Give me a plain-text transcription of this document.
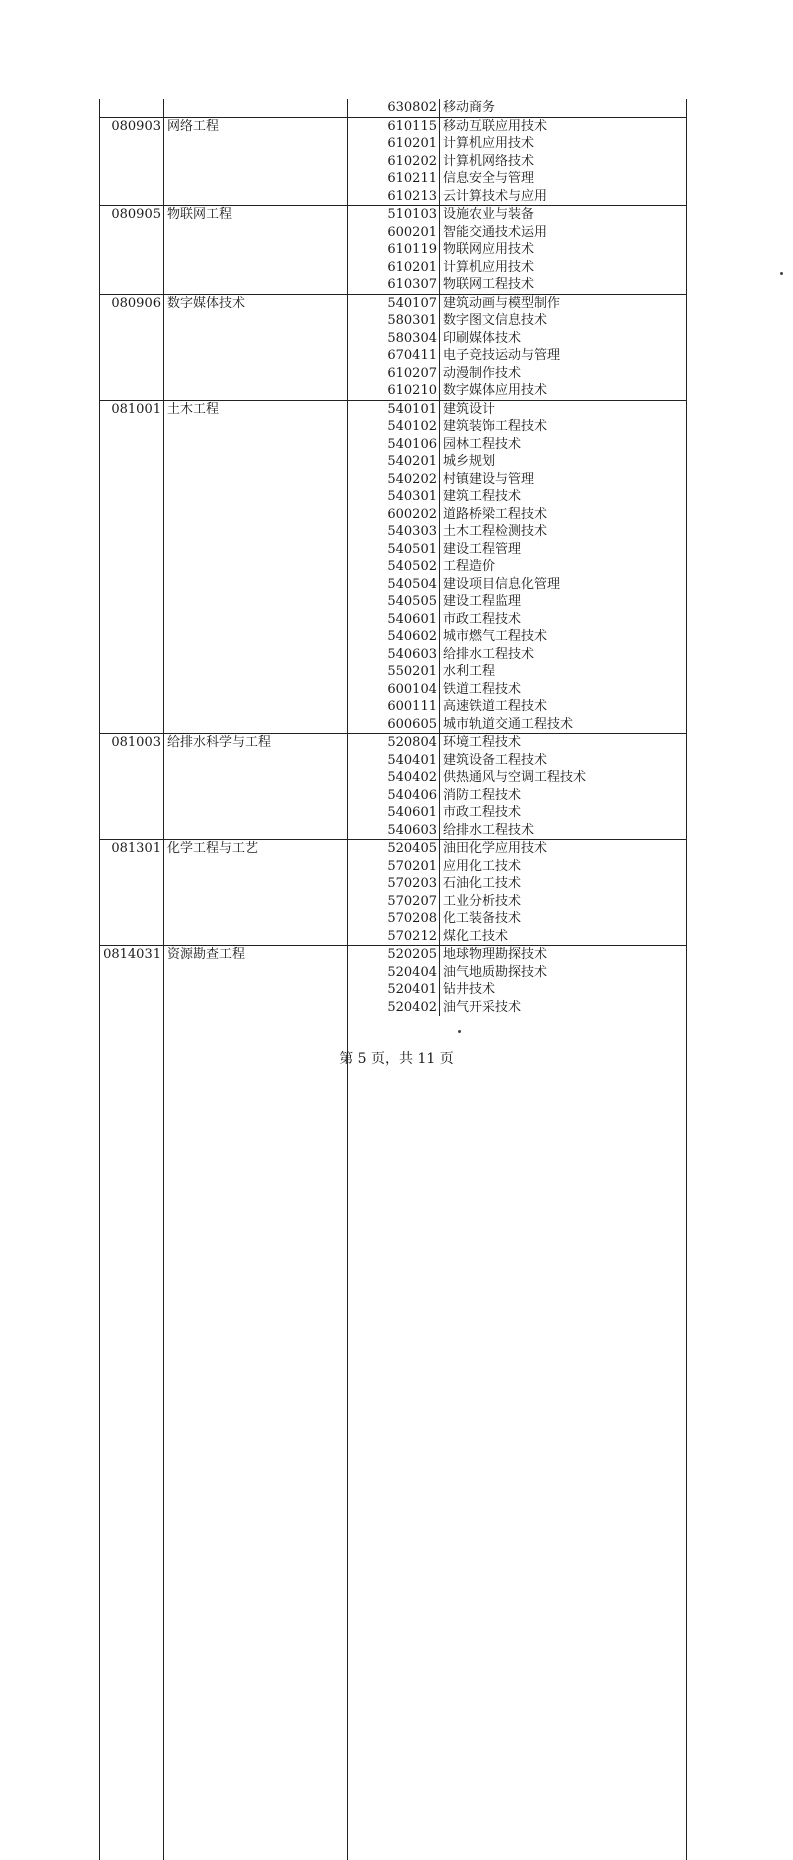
630802 移动商务
080903 网络工程	610115 移动互联应用技术
610201 计算机应用技术
610202 计算机网络技术
610211 信息安全与管理
610213 云计算技术与应用
080905 物联网工程	510103 设施农业与装备
600201 智能交通技术运用
610119 物联网应用技术
610201 计算机应用技术
610307 物联网工程技术
080906 数字媒体技术	540107 建筑动画与模型制作
580301 数字图文信息技术
580304 印刷媒体技术
670411 电子竞技运动与管理
610207 动漫制作技术
610210 数字媒体应用技术
081001 土木工程	540101 建筑设计
540102 建筑装饰工程技术
540106 园林工程技术
540201 城乡规划
540202 村镇建设与管理
540301 建筑工程技术
600202 道路桥梁工程技术
540303 土木工程检测技术
540501 建设工程管理
540502 工程造价
540504 建设项目信息化管理
540505 建设工程监理
540601 市政工程技术
540602 城市燃气工程技术
540603 给排水工程技术
550201 水利工程
600104 铁道工程技术
600111 高速铁道工程技术
600605 城市轨道交通工程技术
081003 给排水科学与工程	520804 环境工程技术
540401 建筑设备工程技术
540402 供热通风与空调工程技术
540406 消防工程技术
540601 市政工程技术
540603 给排水工程技术
081301 化学工程与工艺	520405 油田化学应用技术
570201 应用化工技术
570203 石油化工技术
570207 工业分析技术
570208 化工装备技术
570212 煤化工技术
0814031 资源勘查工程	520205 地球物理勘探技术
520404 油气地质勘探技术
520401 钻井技术
520402 油气开采技术
第 5 页，共 11 页
